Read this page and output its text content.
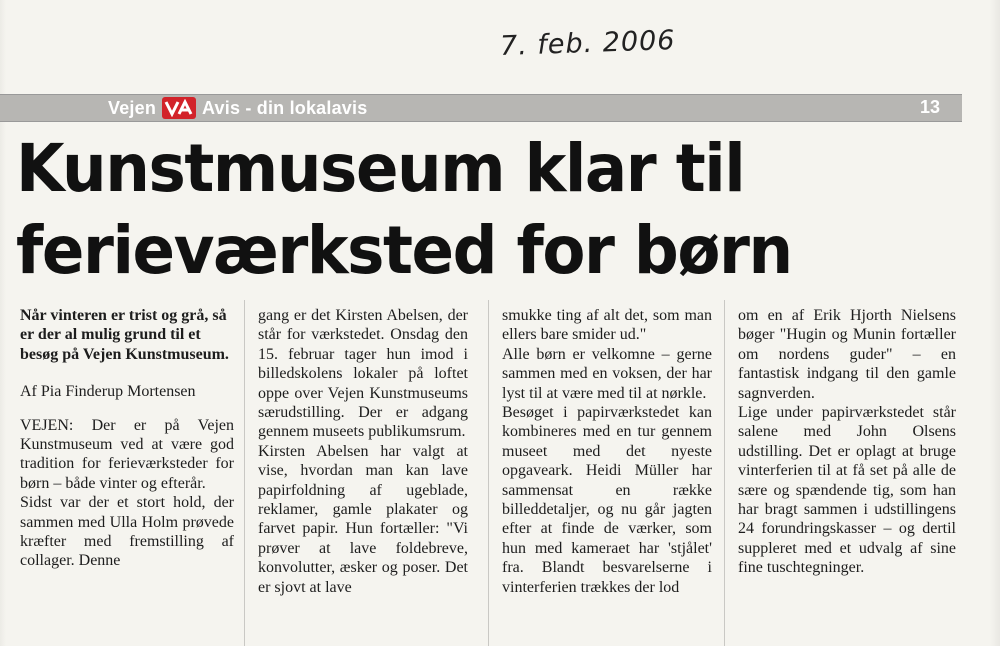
7. feb. 2006
Vejen	Avis - din lokalavis	13
Kunstmuseum klar til
ferieværksted for børn

Når vinteren er trist og grå, så er der al mulig grund til et besøg på Vejen Kunstmuseum.

Af Pia Finderup Mortensen

VEJEN: Der er på Vejen Kunstmuseum ved at være god tradition for ferieværksteder for børn – både vinter og efterår.

Sidst var der et stort hold, der sammen med Ulla Holm prøvede kræfter med fremstilling af collager. Denne

gang er det Kirsten Abelsen, der står for værkstedet. Onsdag den 15. februar tager hun imod i billedskolens lokaler på loftet oppe over Vejen Kunstmuseums særudstilling. Der er adgang gennem museets publikumsrum.

Kirsten Abelsen har valgt at vise, hvordan man kan lave papirfoldning af ugeblade, reklamer, gamle plakater og farvet papir. Hun fortæller: "Vi prøver at lave foldebreve, konvolutter, æsker og poser. Det er sjovt at lave

smukke ting af alt det, som man ellers bare smider ud."

Alle børn er velkomne – gerne sammen med en voksen, der har lyst til at være med til at nørkle.

Besøget i papirværkstedet kan kombineres med en tur gennem museet med det nyeste opgaveark. Heidi Müller har sammensat en række billeddetaljer, og nu går jagten efter at finde de værker, som hun med kameraet har 'stjålet' fra. Blandt besvarelserne i vinterferien trækkes der lod

om en af Erik Hjorth Nielsens bøger "Hugin og Munin fortæller om nordens guder" – en fantastisk indgang til den gamle sagnverden.

Lige under papirværkstedet står salene med John Olsens udstilling. Det er oplagt at bruge vinterferien til at få set på alle de sære og spændende tig, som han har bragt sammen i udstillingens 24 forundringskasser – og dertil suppleret med et udvalg af sine fine tuschtegninger.
